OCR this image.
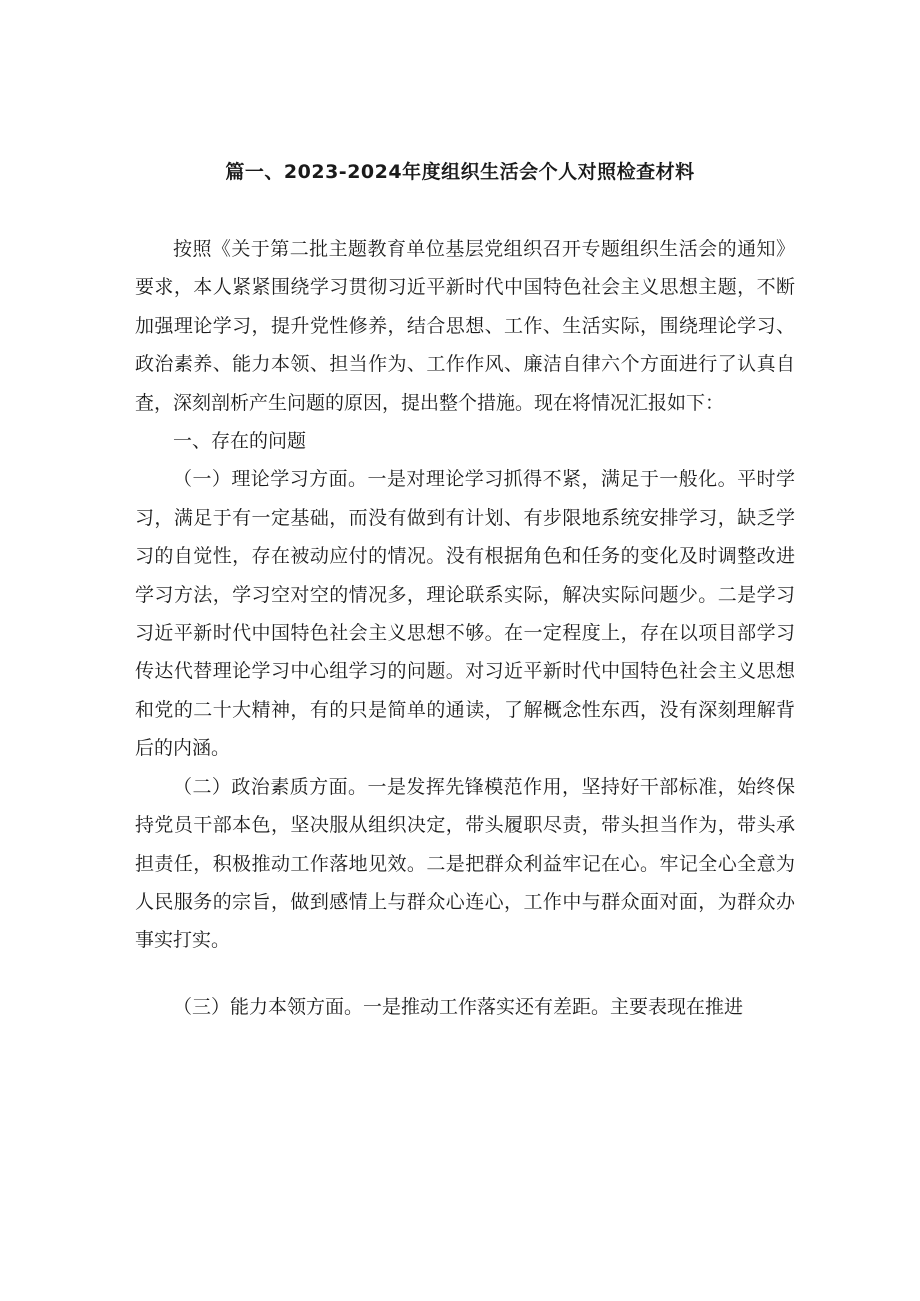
篇一、2023-2024年度组织生活会个人对照检查材料

按照《关于第二批主题教育单位基层党组织召开专题组织生活会的通知》要求，本人紧紧围绕学习贯彻习近平新时代中国特色社会主义思想主题，不断加强理论学习，提升党性修养，结合思想、工作、生活实际，围绕理论学习、政治素养、能力本领、担当作为、工作作风、廉洁自律六个方面进行了认真自査，深刻剖析产生问题的原因，提出整个措施。现在将情况汇报如下：

一、存在的问题

（一）理论学习方面。一是对理论学习抓得不紧，满足于一般化。平时学习，满足于有一定基础，而没有做到有计划、有步限地系统安排学习，缺乏学习的自觉性，存在被动应付的情况。没有根据角色和任务的变化及时调整改进学习方法，学习空对空的情况多，理论联系实际，解决实际问题少。二是学习习近平新时代中国特色社会主义思想不够。在一定程度上，存在以项目部学习传达代替理论学习中心组学习的问题。对习近平新时代中国特色社会主义思想和党的二十大精神，有的只是简单的通读，了解概念性东西，没有深刻理解背后的内涵。

（二）政治素质方面。一是发挥先锋模范作用，坚持好干部标准，始终保持党员干部本色，坚决服从组织决定，带头履职尽责，带头担当作为，带头承担责任，积极推动工作落地见效。二是把群众利益牢记在心。牢记全心全意为人民服务的宗旨，做到感情上与群众心连心，工作中与群众面对面，为群众办事实打实。

（三）能力本领方面。一是推动工作落实还有差距。主要表现在推进
